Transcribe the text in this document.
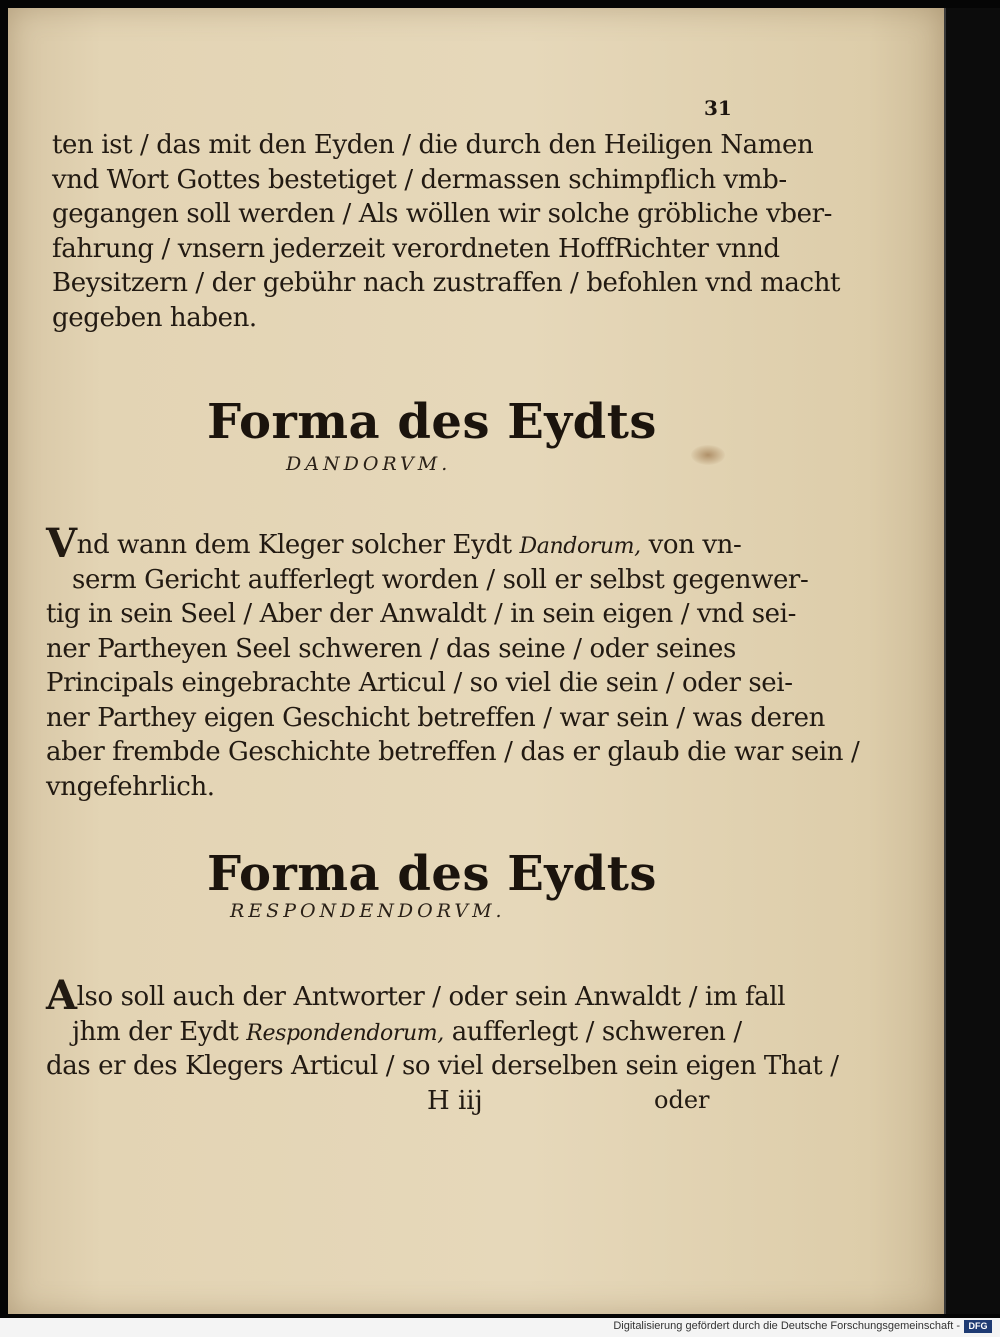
31
ten ist / das mit den Eyden / die durch den Heiligen Namen
vnd Wort Gottes bestetiget / dermassen schimpflich vmb-
gegangen soll werden / Als wöllen wir solche gröbliche vber-
fahrung / vnsern jederzeit verordneten HoffRichter vnnd
Beysitzern / der gebühr nach zustraffen / befohlen vnd macht
gegeben haben.
Forma des Eydts
DANDORVM.
Vnd wann dem Kleger solcher Eydt Dandorum, von vn-
serm Gericht aufferlegt worden / soll er selbst gegenwer-
tig in sein Seel / Aber der Anwaldt / in sein eigen / vnd sei-
ner Partheyen Seel schweren / das seine / oder seines
Principals eingebrachte Articul / so viel die sein / oder sei-
ner Parthey eigen Geschicht betreffen / war sein / was deren
aber frembde Geschichte betreffen / das er glaub die war sein /
vngefehrlich.
Forma des Eydts
RESPONDENDORVM.
Also soll auch der Antworter / oder sein Anwaldt / im fall
jhm der Eydt Respondendorum, aufferlegt / schweren /
das er des Klegers Articul / so viel derselben sein eigen That /
H iij	oder
Digitalisierung gefördert durch die Deutsche Forschungsgemeinschaft - DFG
